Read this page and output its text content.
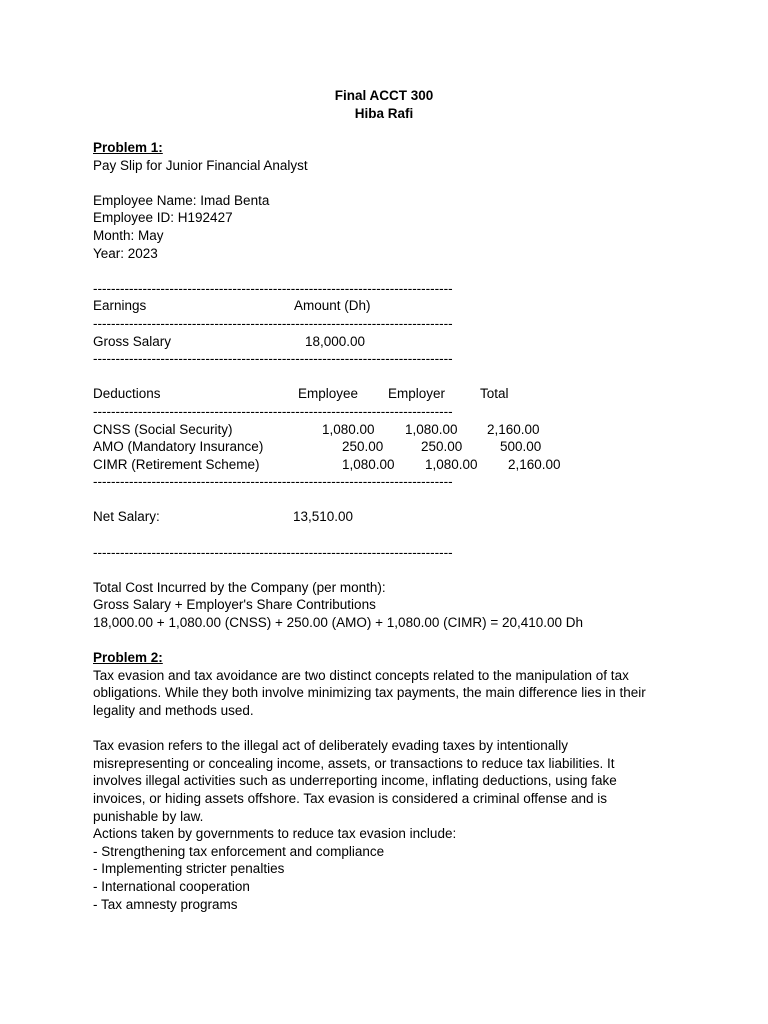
Final ACCT 300
Hiba Rafi
Problem 1:
Pay Slip for Junior Financial Analyst
Employee Name: Imad Benta
Employee ID: H192427
Month: May
Year: 2023
--------------------------------------------------------------------------------
Earnings	Amount (Dh)
--------------------------------------------------------------------------------
Gross Salary	18,000.00
--------------------------------------------------------------------------------
Deductions	Employee Employer	Total
--------------------------------------------------------------------------------
CNSS (Social Security)	1,080.00 1,080.00 2,160.00
AMO (Mandatory Insurance)	250.00	250.00	500.00
CIMR (Retirement Scheme)	1,080.00 1,080.00 2,160.00
--------------------------------------------------------------------------------
Net Salary:	13,510.00
--------------------------------------------------------------------------------
Total Cost Incurred by the Company (per month):
Gross Salary + Employer's Share Contributions
18,000.00 + 1,080.00 (CNSS) + 250.00 (AMO) + 1,080.00 (CIMR) = 20,410.00 Dh
Problem 2:
Tax evasion and tax avoidance are two distinct concepts related to the manipulation of tax
obligations. While they both involve minimizing tax payments, the main difference lies in their
legality and methods used.
Tax evasion refers to the illegal act of deliberately evading taxes by intentionally
misrepresenting or concealing income, assets, or transactions to reduce tax liabilities. It
involves illegal activities such as underreporting income, inflating deductions, using fake
invoices, or hiding assets offshore. Tax evasion is considered a criminal offense and is
punishable by law.
Actions taken by governments to reduce tax evasion include:
- Strengthening tax enforcement and compliance
- Implementing stricter penalties
- International cooperation
- Tax amnesty programs
